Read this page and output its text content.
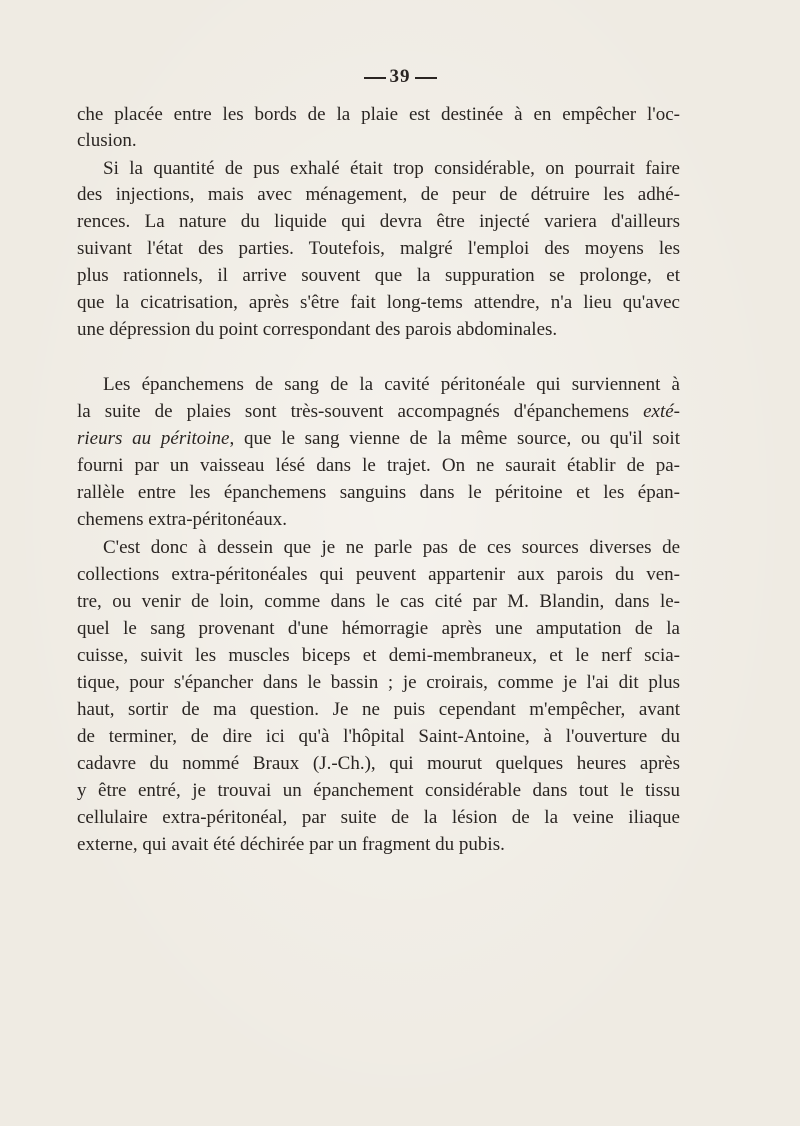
39
che placée entre les bords de la plaie est destinée à en empêcher l'oc-
clusion.
Si la quantité de pus exhalé était trop considérable, on pourrait faire
des injections, mais avec ménagement, de peur de détruire les adhé-
rences. La nature du liquide qui devra être injecté variera d'ailleurs
suivant l'état des parties. Toutefois, malgré l'emploi des moyens les
plus rationnels, il arrive souvent que la suppuration se prolonge, et
que la cicatrisation, après s'être fait long-tems attendre, n'a lieu qu'avec
une dépression du point correspondant des parois abdominales.
Les épanchemens de sang de la cavité péritonéale qui surviennent à
la suite de plaies sont très-souvent accompagnés d'épanchemens exté-
rieurs au péritoine, que le sang vienne de la même source, ou qu'il soit
fourni par un vaisseau lésé dans le trajet. On ne saurait établir de pa-
rallèle entre les épanchemens sanguins dans le péritoine et les épan-
chemens extra-péritonéaux.
C'est donc à dessein que je ne parle pas de ces sources diverses de
collections extra-péritonéales qui peuvent appartenir aux parois du ven-
tre, ou venir de loin, comme dans le cas cité par M. Blandin, dans le-
quel le sang provenant d'une hémorragie après une amputation de la
cuisse, suivit les muscles biceps et demi-membraneux, et le nerf scia-
tique, pour s'épancher dans le bassin ; je croirais, comme je l'ai dit plus
haut, sortir de ma question. Je ne puis cependant m'empêcher, avant
de terminer, de dire ici qu'à l'hôpital Saint-Antoine, à l'ouverture du
cadavre du nommé Braux (J.-Ch.), qui mourut quelques heures après
y être entré, je trouvai un épanchement considérable dans tout le tissu
cellulaire extra-péritonéal, par suite de la lésion de la veine iliaque
externe, qui avait été déchirée par un fragment du pubis.
